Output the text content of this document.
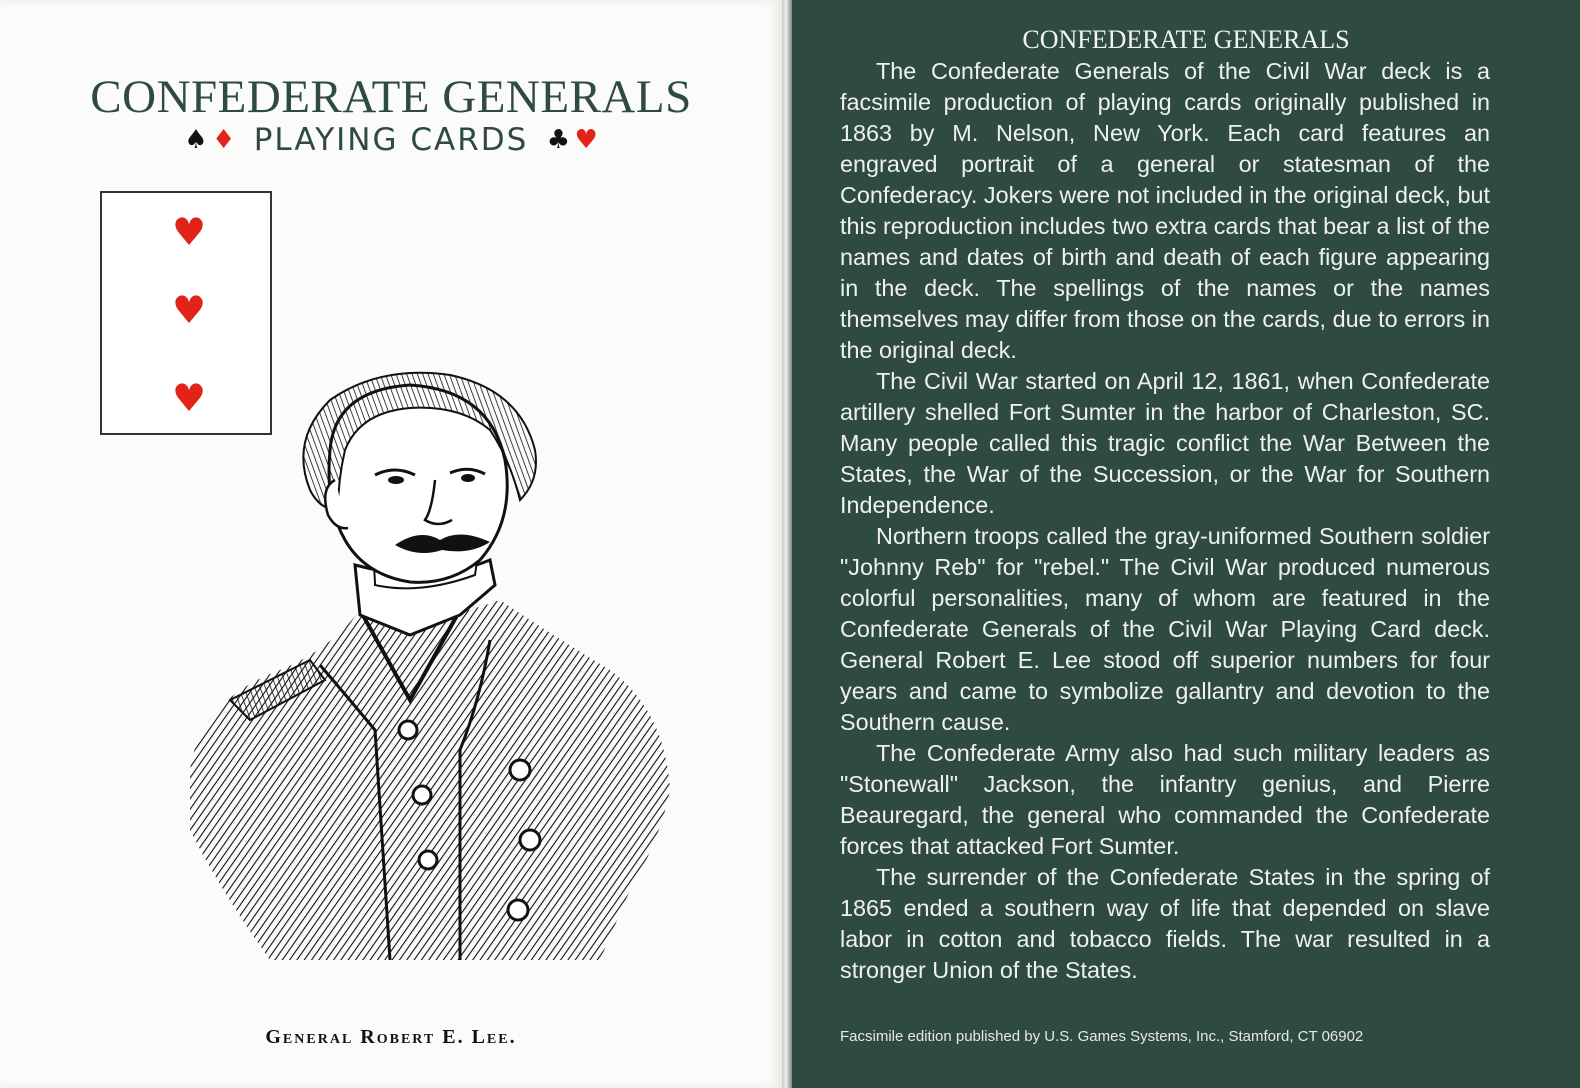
CONFEDERATE GENERALS
♠ ♦ PLAYING CARDS ♣ ♥
♥
♥
♥
General Robert E. Lee.
CONFEDERATE GENERALS

The Confederate Generals of the Civil War deck is a facsimile production of playing cards originally published in 1863 by M. Nelson, New York. Each card features an engraved portrait of a general or statesman of the Confederacy. Jokers were not included in the original deck, but this reproduction includes two extra cards that bear a list of the names and dates of birth and death of each figure appearing in the deck. The spellings of the names or the names themselves may differ from those on the cards, due to errors in the original deck.

The Civil War started on April 12, 1861, when Confederate artillery shelled Fort Sumter in the harbor of Charleston, SC. Many people called this tragic conflict the War Between the States, the War of the Succession, or the War for Southern Independence.

Northern troops called the gray-uniformed Southern soldier "Johnny Reb" for "rebel." The Civil War produced numerous colorful personalities, many of whom are featured in the Confederate Generals of the Civil War Playing Card deck. General Robert E. Lee stood off superior numbers for four years and came to symbolize gallantry and devotion to the Southern cause.

The Confederate Army also had such military leaders as "Stonewall" Jackson, the infantry genius, and Pierre Beauregard, the general who commanded the Confederate forces that attacked Fort Sumter.

The surrender of the Confederate States in the spring of 1865 ended a southern way of life that depended on slave labor in cotton and tobacco fields. The war resulted in a stronger Union of the States.

Facsimile edition published by U.S. Games Systems, Inc., Stamford, CT 06902
